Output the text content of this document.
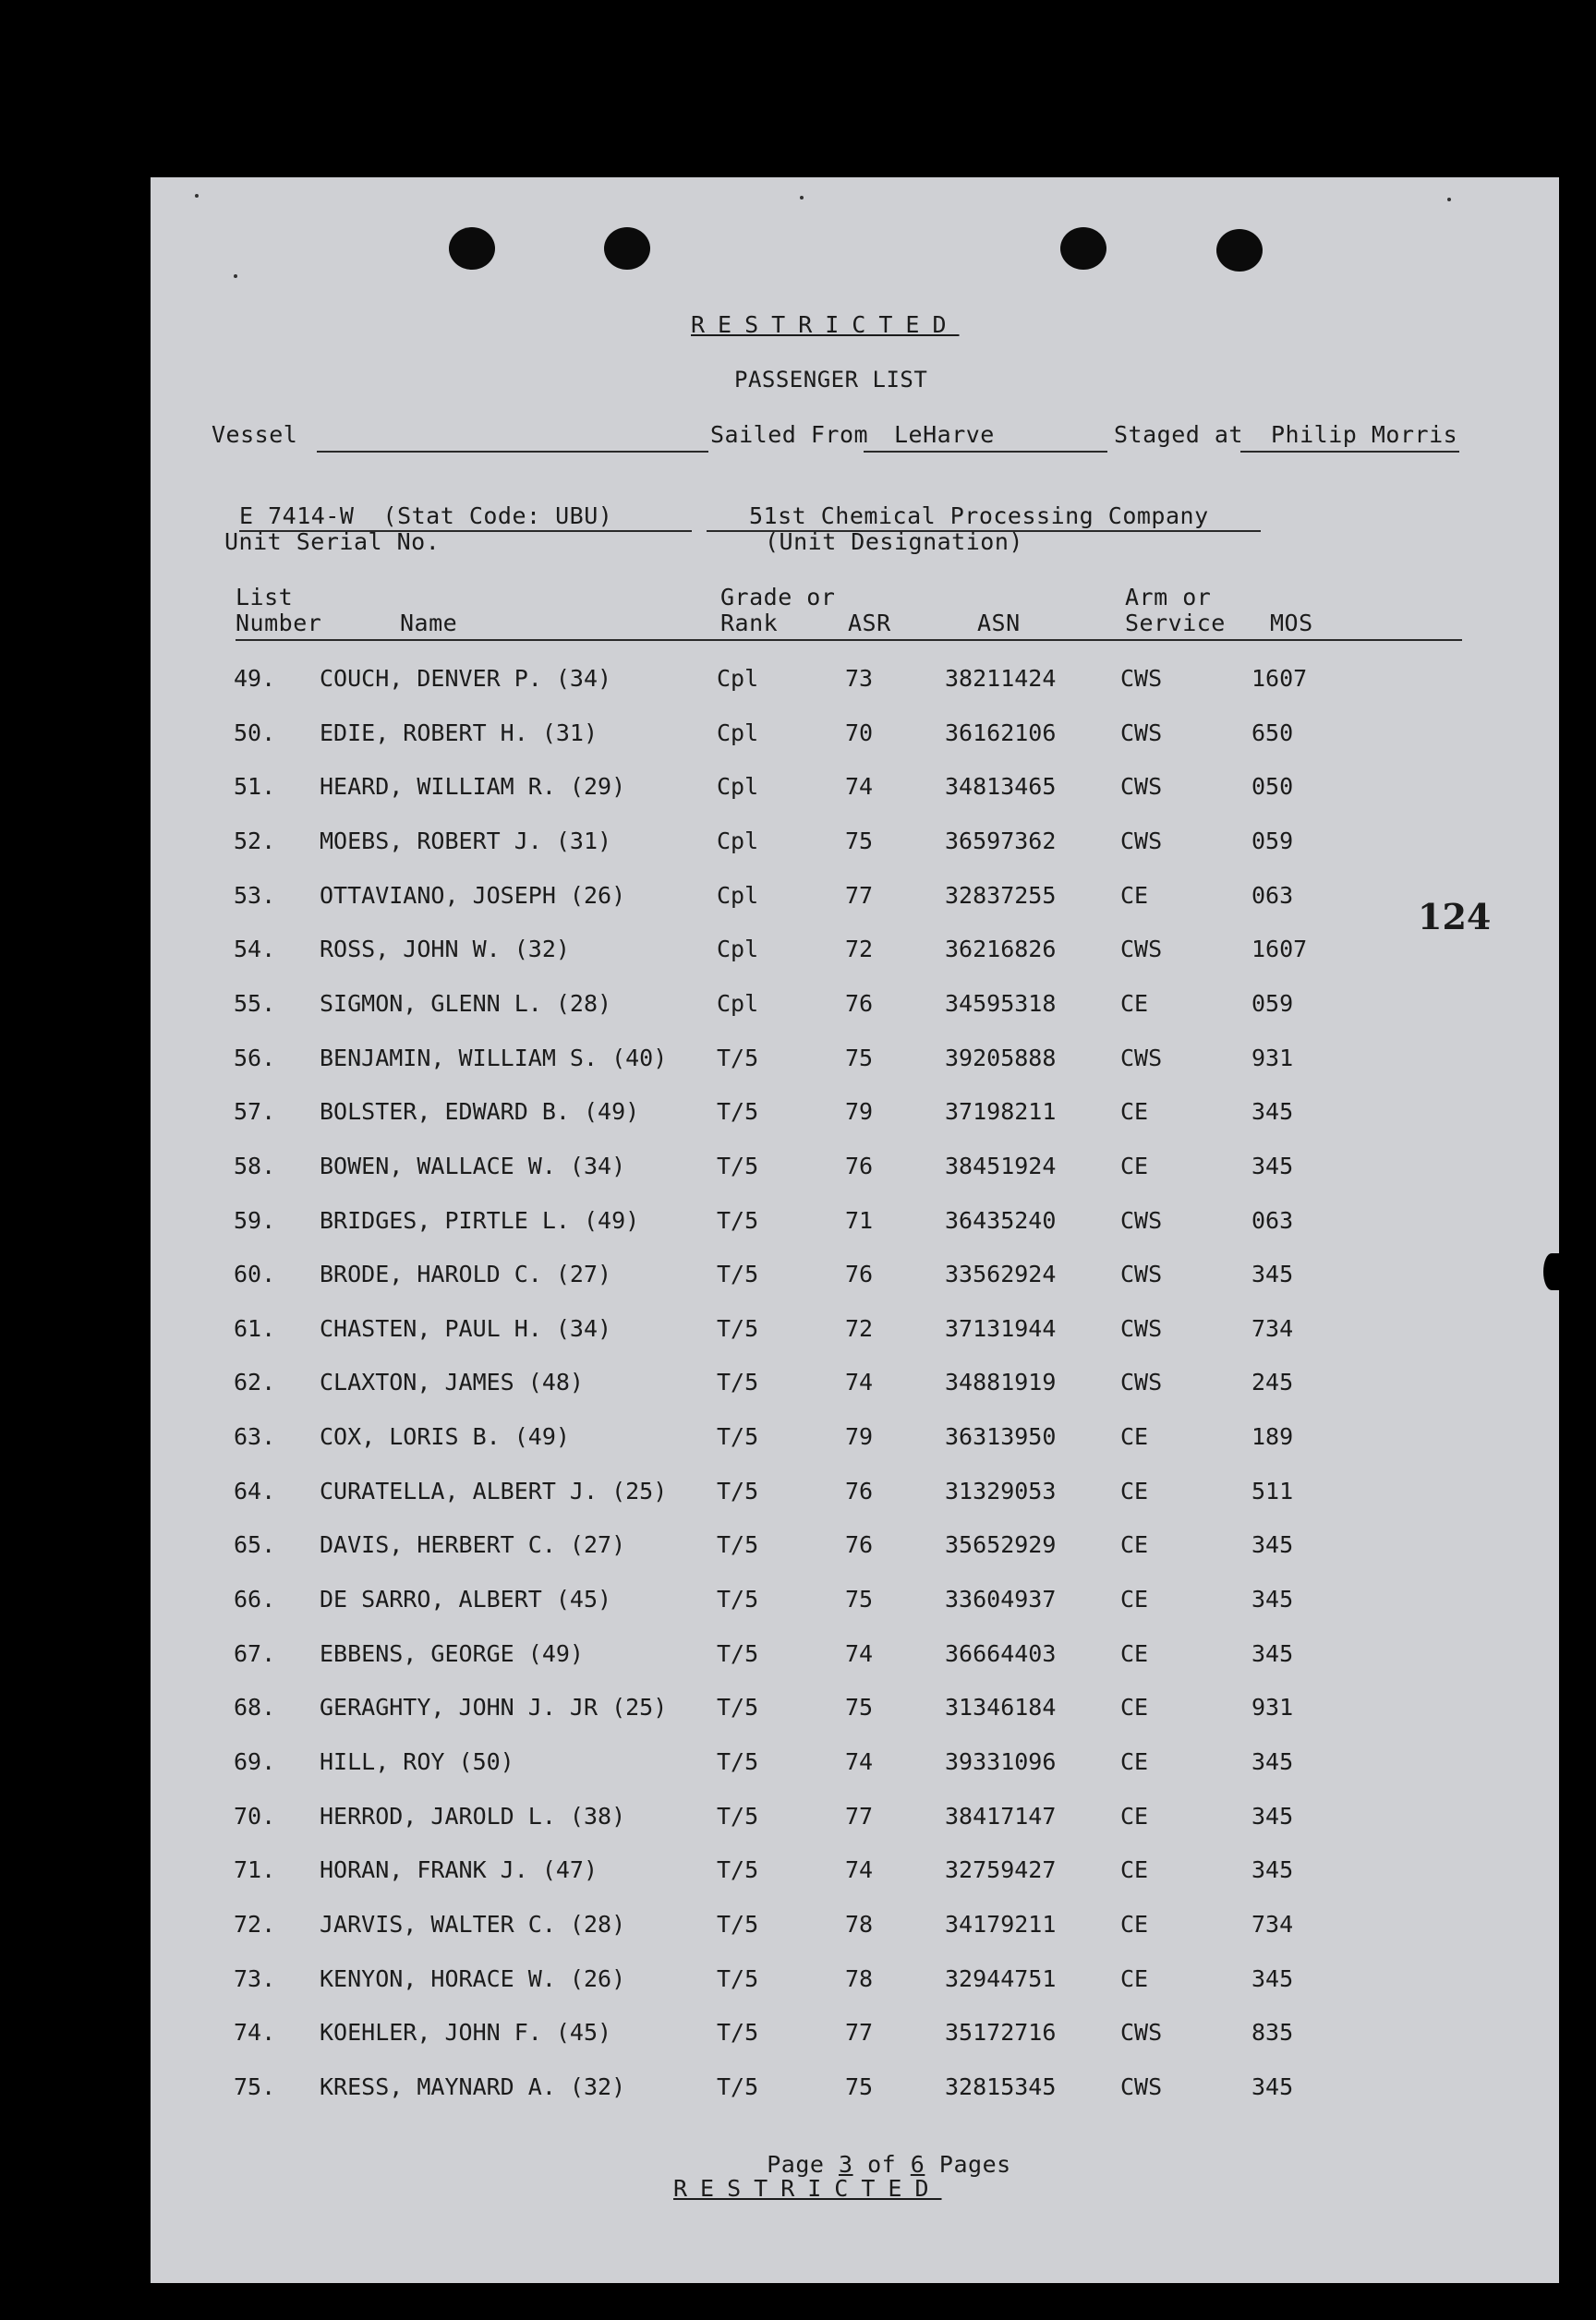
RESTRICTED
PASSENGER LIST
Vessel	Sailed From LeHarve	Staged at Philip Morris
E 7414-W  (Stat Code: UBU)
Unit Serial No.
51st Chemical Processing Company
(Unit Designation)
124
List
Number	Name
Grade or
Rank	ASR	ASN
Arm or
Service MOS
49. COUCH, DENVER P. (34)	Cpl	73	38211424	CWS	1607
50. EDIE, ROBERT H. (31)	Cpl	70	36162106	CWS	650
51. HEARD, WILLIAM R. (29)	Cpl	74	34813465	CWS	050
52. MOEBS, ROBERT J. (31)	Cpl	75	36597362	CWS	059
53. OTTAVIANO, JOSEPH (26)	Cpl	77	32837255	CE	063
54. ROSS, JOHN W. (32)	Cpl	72	36216826	CWS	1607
55. SIGMON, GLENN L. (28)	Cpl	76	34595318	CE	059
56. BENJAMIN, WILLIAM S. (40) T/5	75	39205888	CWS	931
57. BOLSTER, EDWARD B. (49)	T/5	79	37198211	CE	345
58. BOWEN, WALLACE W. (34)	T/5	76	38451924	CE	345
59. BRIDGES, PIRTLE L. (49)	T/5	71	36435240	CWS	063
60. BRODE, HAROLD C. (27)	T/5	76	33562924	CWS	345
61. CHASTEN, PAUL H. (34)	T/5	72	37131944	CWS	734
62. CLAXTON, JAMES (48)	T/5	74	34881919	CWS	245
63. COX, LORIS B. (49)	T/5	79	36313950	CE	189
64. CURATELLA, ALBERT J. (25) T/5	76	31329053	CE	511
65. DAVIS, HERBERT C. (27)	T/5	76	35652929	CE	345
66. DE SARRO, ALBERT (45)	T/5	75	33604937	CE	345
67. EBBENS, GEORGE (49)	T/5	74	36664403	CE	345
68. GERAGHTY, JOHN J. JR (25) T/5	75	31346184	CE	931
69. HILL, ROY (50)	T/5	74	39331096	CE	345
70. HERROD, JAROLD L. (38)	T/5	77	38417147	CE	345
71. HORAN, FRANK J. (47)	T/5	74	32759427	CE	345
72. JARVIS, WALTER C. (28)	T/5	78	34179211	CE	734
73. KENYON, HORACE W. (26)	T/5	78	32944751	CE	345
74. KOEHLER, JOHN F. (45)	T/5	77	35172716	CWS	835
75. KRESS, MAYNARD A. (32)	T/5	75	32815345	CWS	345

Page 3 of 6 Pages

RESTRICTED
